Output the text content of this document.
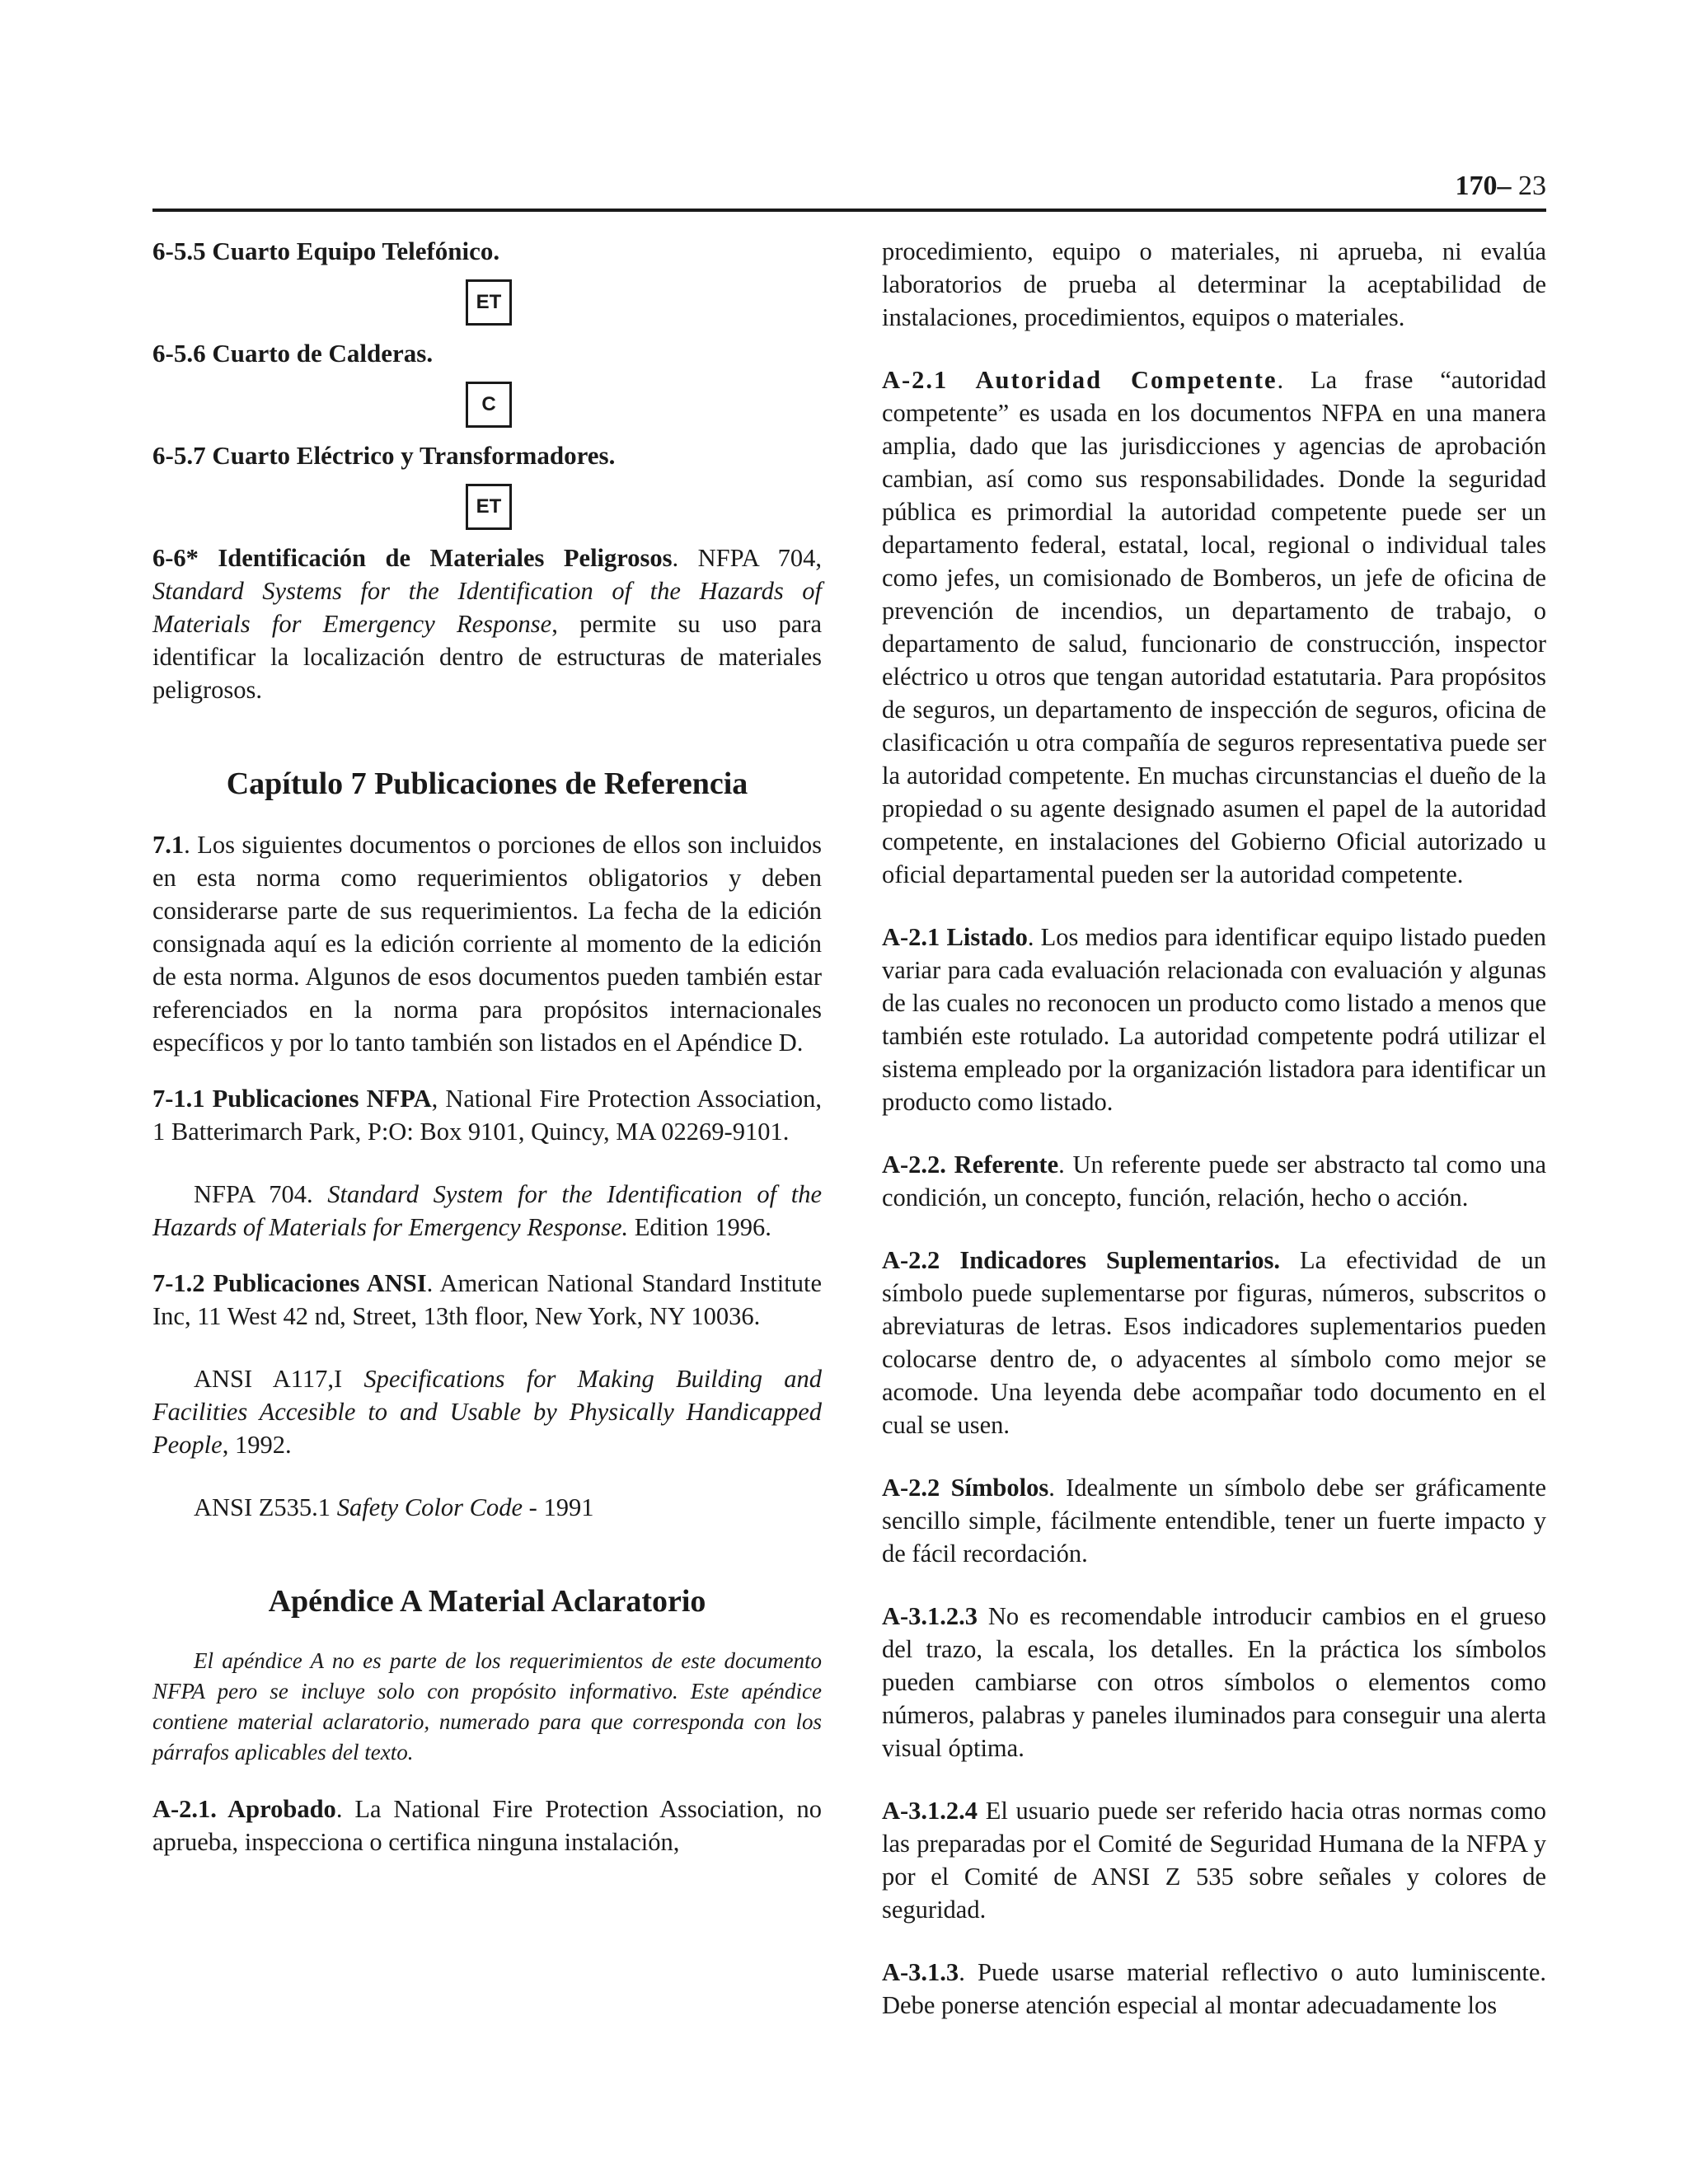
170– 23

6-5.5 Cuarto Equipo Telefónico.

ET

6-5.6 Cuarto de Calderas.

C

6-5.7 Cuarto Eléctrico y Transformadores.

ET

6-6* Identificación de Materiales Peligrosos. NFPA 704, Standard Systems for the Identification of the Hazards of Materials for Emergency Response, permite su uso para identificar la localización dentro de estructuras de materiales peligrosos.

Capítulo 7 Publicaciones de Referencia

7.1. Los siguientes documentos o porciones de ellos son incluidos en esta norma como requerimientos obligatorios y deben considerarse parte de sus requerimientos. La fecha de la edición consignada aquí es la edición corriente al momento de la edición de esta norma. Algunos de esos documentos pueden también estar referenciados en la norma para propósitos internacionales específicos y por lo tanto también son listados en el Apéndice D.

7-1.1 Publicaciones NFPA, National Fire Protection Association, 1 Batterimarch Park, P:O: Box 9101, Quincy, MA 02269-9101.

NFPA 704. Standard System for the Identification of the Hazards of Materials for Emergency Response. Edition 1996.

7-1.2 Publicaciones ANSI. American National Standard Institute Inc, 11 West 42 nd, Street, 13th floor, New York, NY 10036.

ANSI A117,I Specifications for Making Building and Facilities Accesible to and Usable by Physically Handicapped People, 1992.

ANSI Z535.1 Safety Color Code - 1991

Apéndice A Material Aclaratorio

El apéndice A no es parte de los requerimientos de este documento NFPA pero se incluye solo con propósito informativo. Este apéndice contiene material aclaratorio, numerado para que corresponda con los párrafos aplicables del texto.

A-2.1. Aprobado. La National Fire Protection Association, no aprueba, inspecciona o certifica ninguna instalación,

procedimiento, equipo o materiales, ni aprueba, ni evalúa laboratorios de prueba al determinar la aceptabilidad de instalaciones, procedimientos, equipos o materiales.

A-2.1 Autoridad Competente. La frase “autoridad competente” es usada en los documentos NFPA en una manera amplia, dado que las jurisdicciones y agencias de aprobación cambian, así como sus responsabilidades. Donde la seguridad pública es primordial la autoridad competente puede ser un departamento federal, estatal, local, regional o individual tales como jefes, un comisionado de Bomberos, un jefe de oficina de prevención de incendios, un departamento de trabajo, o departamento de salud, funcionario de construcción, inspector eléctrico u otros que tengan autoridad estatutaria. Para propósitos de seguros, un departamento de inspección de seguros, oficina de clasificación u otra compañía de seguros representativa puede ser la autoridad competente. En muchas circunstancias el dueño de la propiedad o su agente designado asumen el papel de la autoridad competente, en instalaciones del Gobierno Oficial autorizado u oficial departamental pueden ser la autoridad competente.

A-2.1 Listado. Los medios para identificar equipo listado pueden variar para cada evaluación relacionada con evaluación y algunas de las cuales no reconocen un producto como listado a menos que también este rotulado. La autoridad competente podrá utilizar el sistema empleado por la organización listadora para identificar un producto como listado.

A-2.2. Referente. Un referente puede ser abstracto tal como una condición, un concepto, función, relación, hecho o acción.

A-2.2 Indicadores Suplementarios. La efectividad de un símbolo puede suplementarse por figuras, números, subscritos o abreviaturas de letras. Esos indicadores suplementarios pueden colocarse dentro de, o adyacentes al símbolo como mejor se acomode. Una leyenda debe acompañar todo documento en el cual se usen.

A-2.2 Símbolos. Idealmente un símbolo debe ser gráficamente sencillo simple, fácilmente entendible, tener un fuerte impacto y de fácil recordación.

A-3.1.2.3 No es recomendable introducir cambios en el grueso del trazo, la escala, los detalles. En la práctica los símbolos pueden cambiarse con otros símbolos o elementos como números, palabras y paneles iluminados para conseguir una alerta visual óptima.

A-3.1.2.4 El usuario puede ser referido hacia otras normas como las preparadas por el Comité de Seguridad Humana de la NFPA y por el Comité de ANSI Z 535 sobre señales y colores de seguridad.

A-3.1.3. Puede usarse material reflectivo o auto luminiscente. Debe ponerse atención especial al montar adecuadamente los
